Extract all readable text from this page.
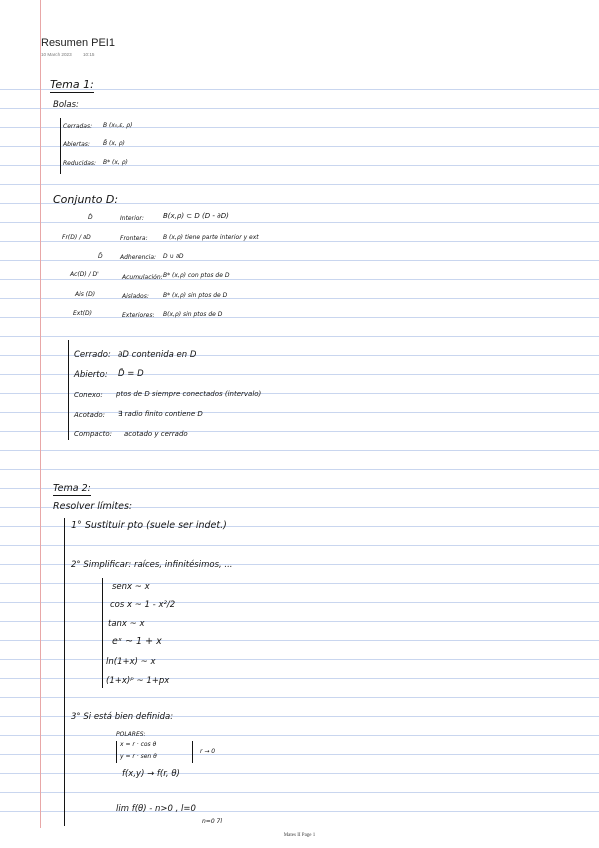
Resumen PEI1
10 March 2023 10:15
Tema 1:
Bolas:
Cerradas: B (x₀,ε, ρ)
Abiertas: B̄ (x, ρ)
Reducidas: B* (x, ρ)
Conjunto D:
D̊	Interior:	B(x,ρ) ⊂ D (D - ∂D)
Fr(D) / ∂D	Frontera:	B (x,ρ) tiene parte interior y ext
D̄	Adherencia: D ∪ ∂D
Ac(D) / D'	Acumulación: B* (x,ρ) con ptos de D
Ais (D)	Aislados: B* (x,ρ) sin ptos de D
Ext(D)	Exteriores: B(x,ρ) sin ptos de D
Cerrado: ∂D contenida en D
Abierto: D̊ = D
Conexo: ptos de D siempre conectados (intervalo)
Acotado: ∃ radio finito contiene D
Compacto: acotado y cerrado
Tema 2:
Resolver límites:
1° Sustituir pto (suele ser indet.)
2° Simplificar: raíces, infinitésimos, ...
senx ~ x
cos x ~ 1 - x²/2
tanx ~ x
eˣ ~ 1 + x
ln(1+x) ~ x
(1+x)ᵖ ~ 1+px
3° Si está bien definida:
POLARES:
x = r · cos θ
y = r · sen θ
r → 0
f(x,y) → f(r, θ)
lim f(θ) - n>0 , l=0
n=0 7l
Mates II Page 1
